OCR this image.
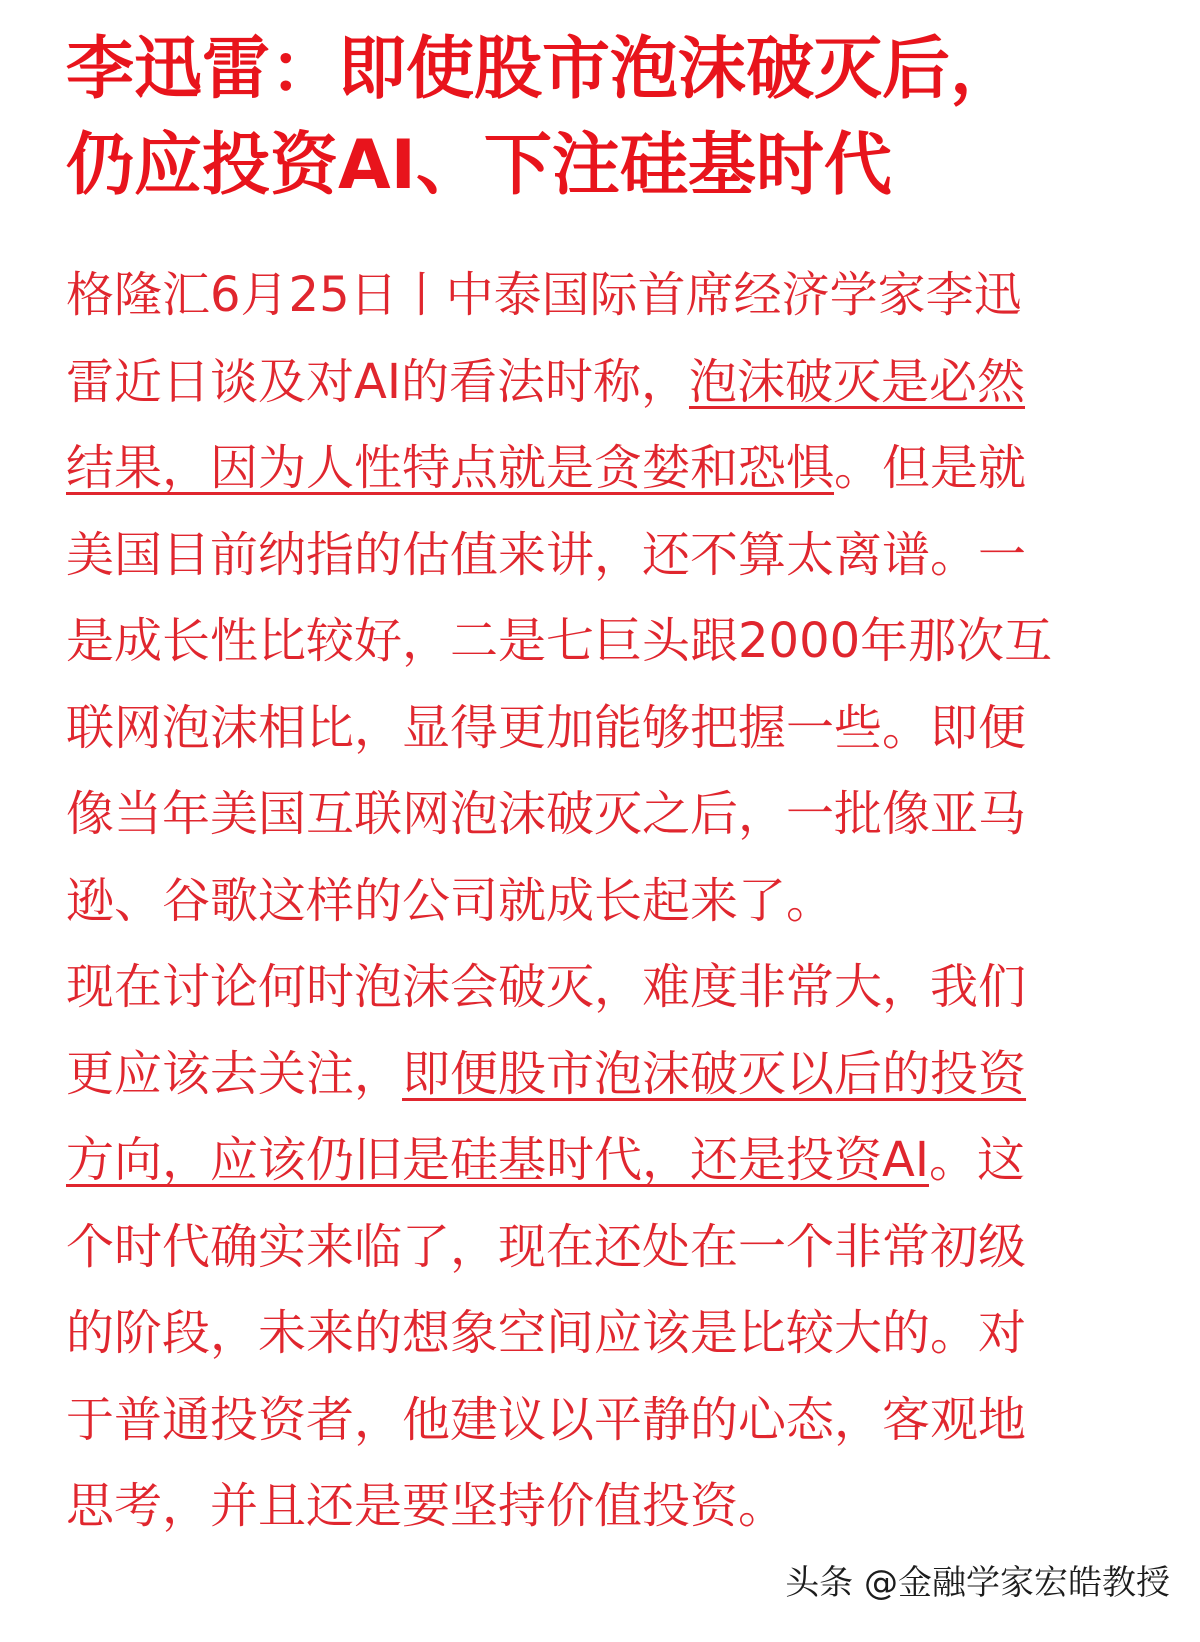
李迅雷：即使股市泡沫破灭后，
仍应投资AI、下注硅基时代

格隆汇6月25日丨中泰国际首席经济学家李迅
雷近日谈及对AI的看法时称，泡沫破灭是必然
结果，因为人性特点就是贪婪和恐惧。但是就
美国目前纳指的估值来讲，还不算太离谱。一
是成长性比较好，二是七巨头跟2000年那次互
联网泡沫相比，显得更加能够把握一些。即便
像当年美国互联网泡沫破灭之后，一批像亚马
逊、谷歌这样的公司就成长起来了。

现在讨论何时泡沫会破灭，难度非常大，我们
更应该去关注，即便股市泡沫破灭以后的投资
方向，应该仍旧是硅基时代，还是投资AI。这
个时代确实来临了，现在还处在一个非常初级
的阶段，未来的想象空间应该是比较大的。对
于普通投资者，他建议以平静的心态，客观地
思考，并且还是要坚持价值投资。

头条 @金融学家宏皓教授
